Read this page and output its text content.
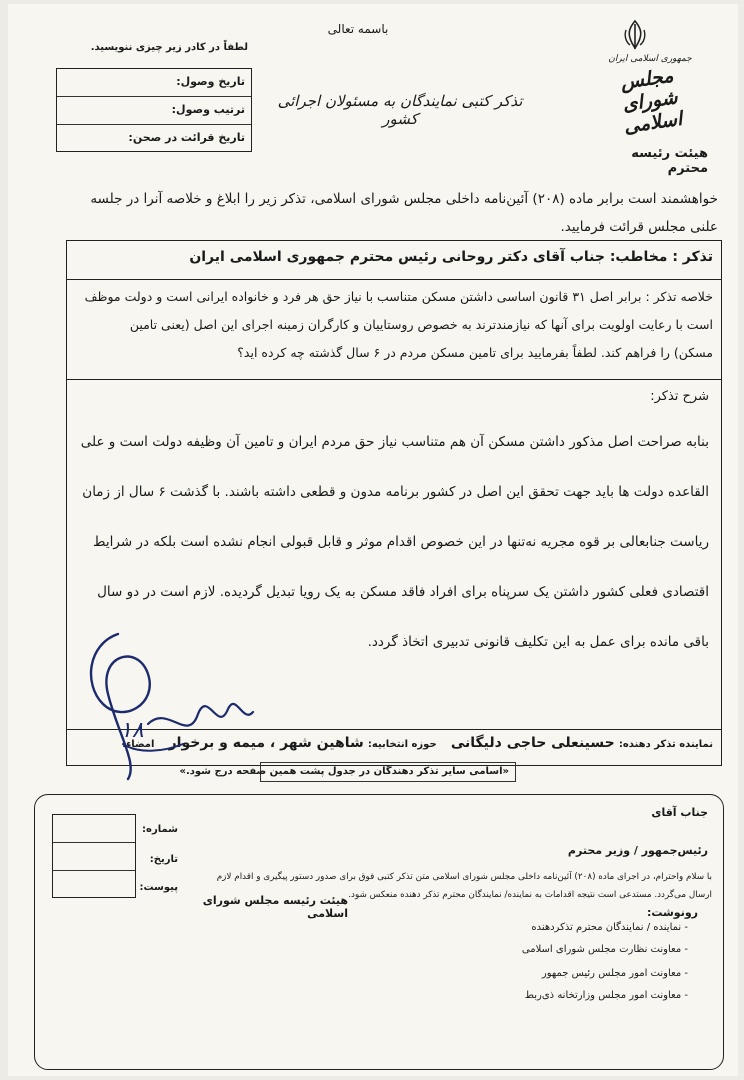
باسمه تعالی
لطفاً در کادر زیر چیزی ننویسید.
تاریخ وصول:
ترتیب وصول:
تاریخ قرائت در صحن:
تذکر کتبی نمایندگان به مسئولان اجرائی کشور
جمهوری اسلامی ایران
مجلس شورای اسلامی
هیئت رئیسه محترم
خواهشمند است برابر ماده (۲۰۸) آئین‌نامه داخلی مجلس شورای اسلامی، تذکر زیر را ابلاغ و خلاصه آنرا در جلسه
علنی مجلس قرائت فرمایید.
تذکر : مخاطب: جناب آقای دکتر روحانی رئیس محترم جمهوری اسلامی ایران
خلاصه تذکر : برابر اصل ۳۱ قانون اساسی داشتن مسکن متناسب با نیاز حق هر فرد و خانواده ایرانی است و دولت موظف
است با رعایت اولویت برای آنها که نیازمندترند به خصوص روستاییان و کارگران زمینه اجرای این اصل (یعنی تامین
مسکن) را فراهم کند. لطفاً بفرمایید برای تامین مسکن مردم در ۶ سال گذشته چه کرده اید؟
شرح تذکر:
بنابه صراحت اصل مذکور داشتن مسکن آن هم متناسب نیاز حق مردم ایران و تامین آن وظیفه دولت است و علی
القاعده دولت ها باید جهت تحقق این اصل در کشور برنامه مدون و قطعی داشته باشند. با گذشت ۶ سال از زمان
ریاست جنابعالی بر قوه مجریه نه‌تنها در این خصوص اقدام موثر و قابل قبولی انجام نشده است بلکه در شرایط
اقتصادی فعلی کشور داشتن یک سرپناه برای افراد فاقد مسکن به یک رویا تبدیل گردیده. لازم است در دو سال
باقی مانده برای عمل به این تکلیف قانونی تدبیری اتخاذ گردد.
نماینده تذکر دهنده: حسینعلی حاجی دلیگانی حوزه انتخابیه: شاهین شهر ، میمه و برخوار امضاء:
۱۸
«اسامی سایر تذکر دهندگان در جدول پشت همین صفحه درج شود.»
جناب آقای
رئیس‌جمهور / وزیر محترم
شماره:
تاریخ:
پیوست:
با سلام واحترام، در اجرای ماده (۲۰۸) آئین‌نامه داخلی مجلس شورای اسلامی متن تذکر کتبی فوق برای صدور دستور پیگیری و اقدام لازم
ارسال می‌گردد. مستدعی است نتیجه اقدامات به نماینده/ نمایندگان محترم تذکر دهنده منعکس شود.
هیئت رئیسه مجلس شورای اسلامی	رونوشت:
- نماینده / نمایندگان محترم تذکردهنده
- معاونت نظارت مجلس شورای اسلامی
- معاونت امور مجلس رئیس جمهور
- معاونت امور مجلس وزارتخانه ذی‌ربط
